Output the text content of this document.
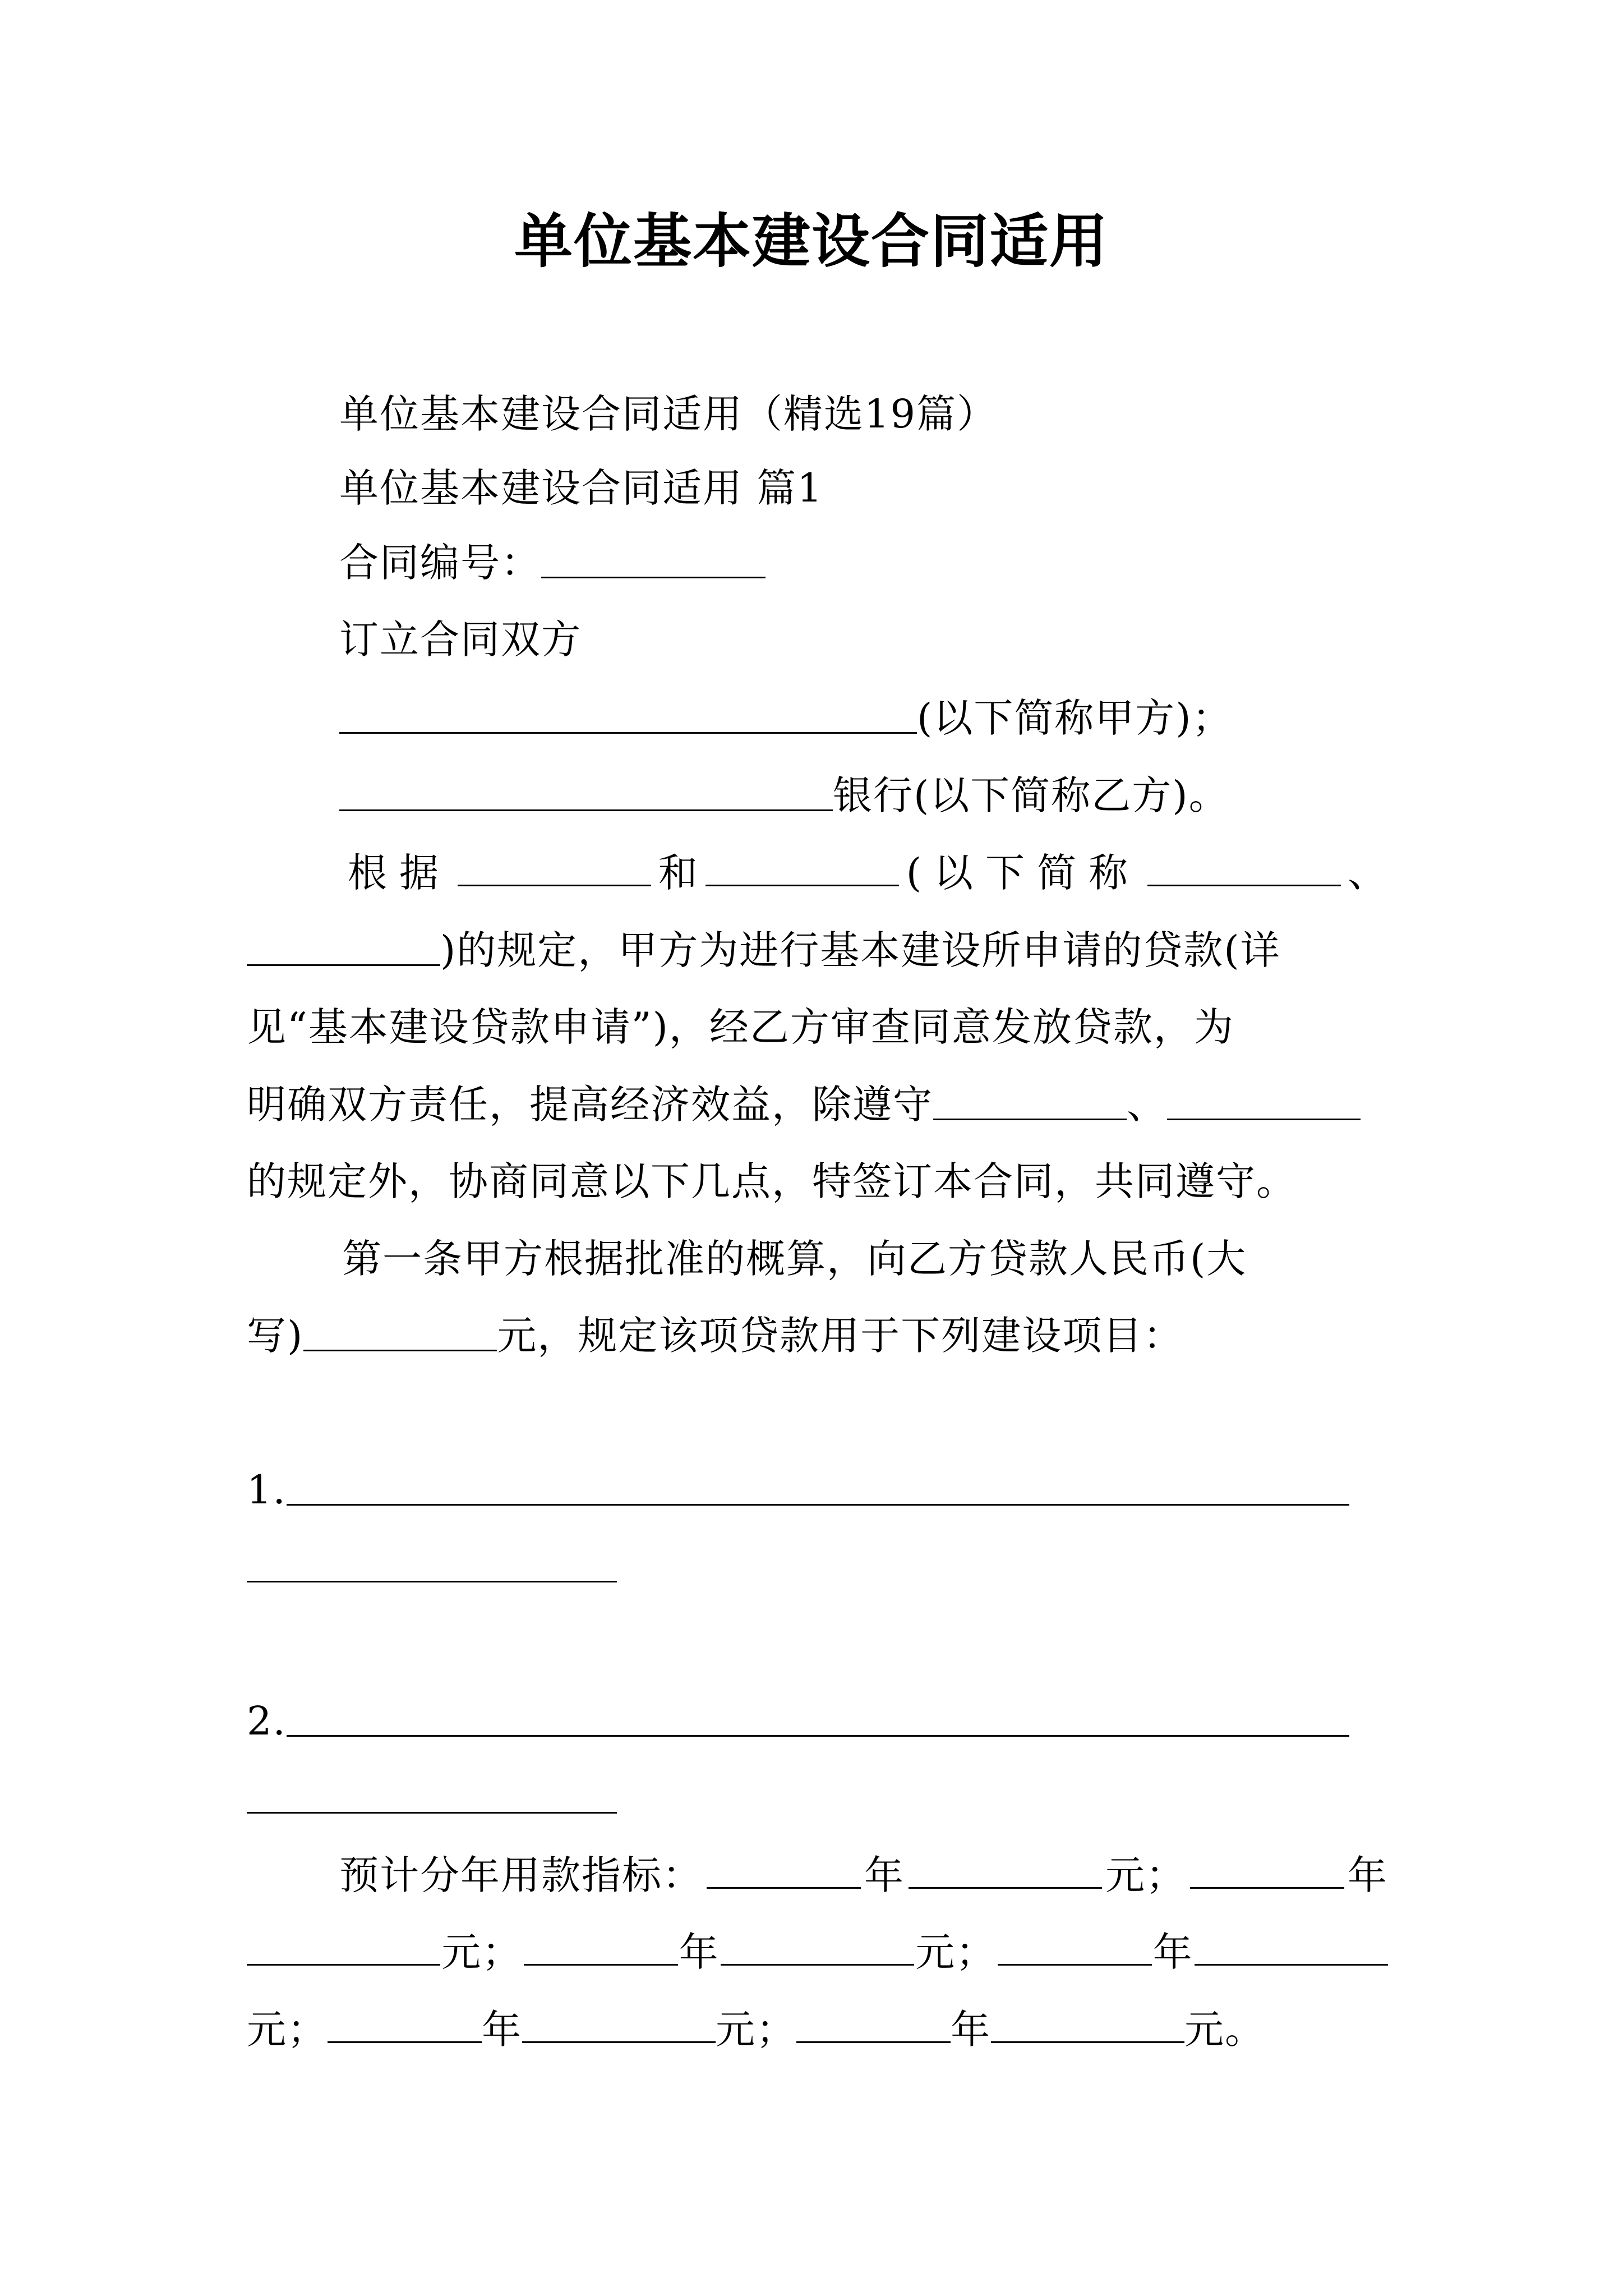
单位基本建设合同适用
单位基本建设合同适用（精选19篇）
单位基本建设合同适用 篇1
合同编号：
订立合同双方
(以下简称甲方)；
银行(以下简称乙方)。
根据	和	(以下简称	、
)的规定，甲方为进行基本建设所申请的贷款(详
见“基本建设贷款申请”)，经乙方审查同意发放贷款，为
明确双方责任，提高经济效益，除遵守	、
的规定外，协商同意以下几点，特签订本合同，共同遵守。
第一条甲方根据批准的概算，向乙方贷款人民币(大
写)	元，规定该项贷款用于下列建设项目：
1.
2.
预计分年用款指标：	年	元；	年
元；	年	元；	年
元；	年	元；	年	元。
